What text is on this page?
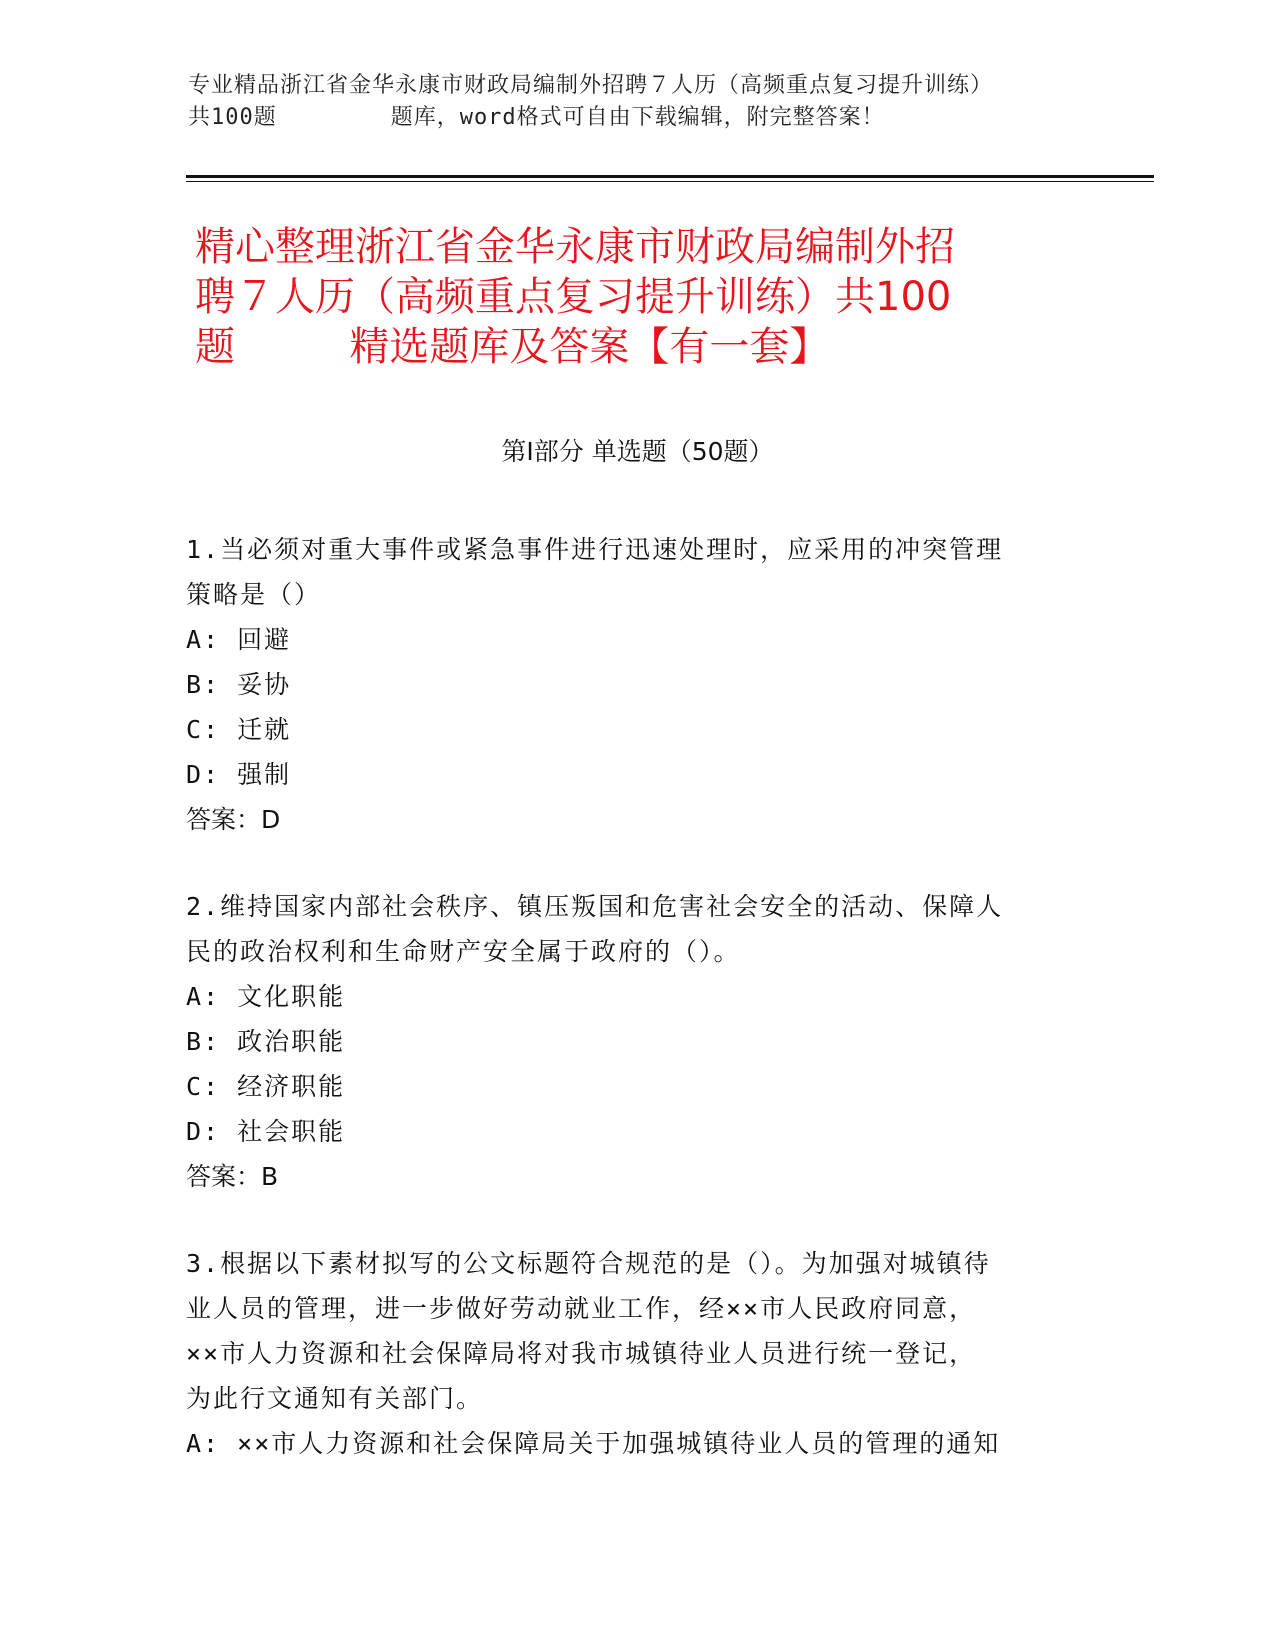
专业精品浙江省金华永康市财政局编制外招聘７人历（高频重点复习提升训练）
共100题        题库，word格式可自由下载编辑，附完整答案！
精心整理浙江省金华永康市财政局编制外招
聘７人历（高频重点复习提升训练）共100
题         精选题库及答案【有一套】
第Ⅰ部分 单选题（50题）
1.当必须对重大事件或紧急事件进行迅速处理时，应采用的冲突管理
策略是（）
A: 回避
B: 妥协
C: 迁就
D: 强制
答案：D
2.维持国家内部社会秩序、镇压叛国和危害社会安全的活动、保障人
民的政治权利和生命财产安全属于政府的（）。
A: 文化职能
B: 政治职能
C: 经济职能
D: 社会职能
答案：B
3.根据以下素材拟写的公文标题符合规范的是（）。为加强对城镇待
业人员的管理，进一步做好劳动就业工作，经××市人民政府同意，
××市人力资源和社会保障局将对我市城镇待业人员进行统一登记，
为此行文通知有关部门。
A: ××市人力资源和社会保障局关于加强城镇待业人员的管理的通知
